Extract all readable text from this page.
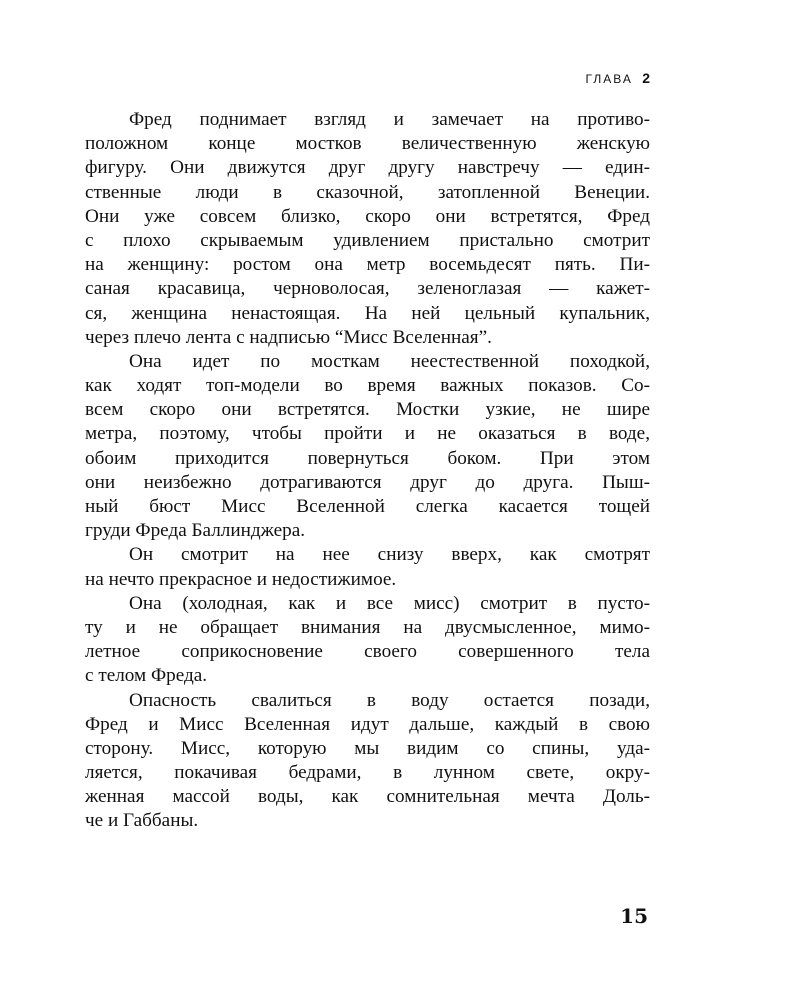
ГЛАВА 2
Фред поднимает взгляд и замечает на противо-
положном конце мостков величественную женскую
фигуру. Они движутся друг другу навстречу — един-
ственные люди в сказочной, затопленной Венеции.
Они уже совсем близко, скоро они встретятся, Фред
с плохо скрываемым удивлением пристально смотрит
на женщину: ростом она метр восемьдесят пять. Пи-
саная красавица, черноволосая, зеленоглазая — кажет-
ся, женщина ненастоящая. На ней цельный купальник,
через плечо лента с надписью “Мисс Вселенная”.
Она идет по мосткам неестественной походкой,
как ходят топ-модели во время важных показов. Со-
всем скоро они встретятся. Мостки узкие, не шире
метра, поэтому, чтобы пройти и не оказаться в воде,
обоим приходится повернуться боком. При этом
они неизбежно дотрагиваются друг до друга. Пыш-
ный бюст Мисс Вселенной слегка касается тощей
груди Фреда Баллинджера.
Он смотрит на нее снизу вверх, как смотрят
на нечто прекрасное и недостижимое.
Она (холодная, как и все мисс) смотрит в пусто-
ту и не обращает внимания на двусмысленное, мимо-
летное соприкосновение своего совершенного тела
с телом Фреда.
Опасность свалиться в воду остается позади,
Фред и Мисс Вселенная идут дальше, каждый в свою
сторону. Мисс, которую мы видим со спины, уда-
ляется, покачивая бедрами, в лунном свете, окру-
женная массой воды, как сомнительная мечта Доль-
че и Габбаны.
15
